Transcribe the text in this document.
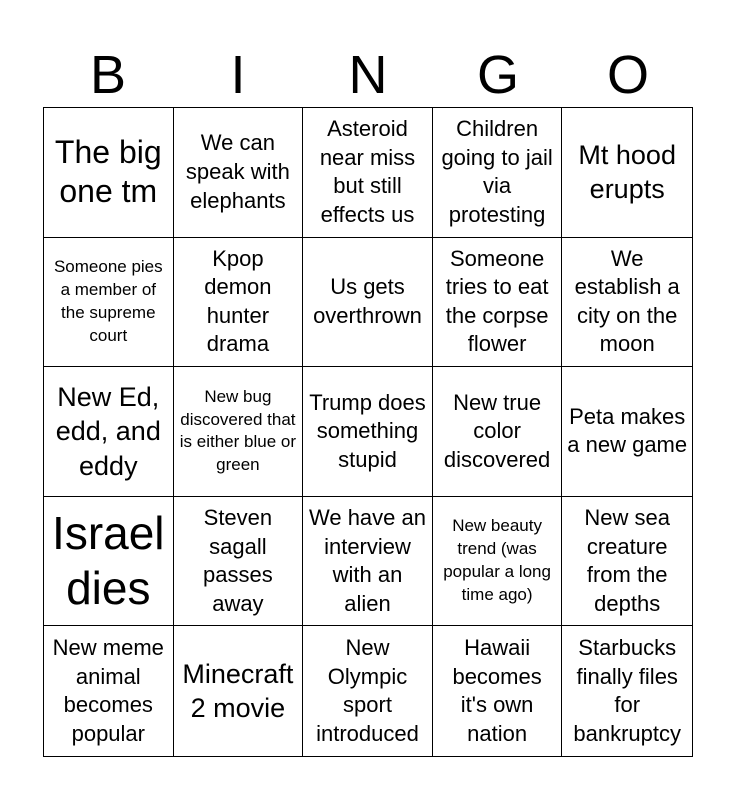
B	I	N	G	O
The big one tm
We can speak with elephants
Asteroid near miss but still effects us
Children going to jail via protesting
Mt hood erupts
Someone pies a member of the supreme court
Kpop demon hunter drama
Us gets overthrown
Someone tries to eat the corpse flower
We establish a city on the moon
New Ed, edd, and eddy
New bug discovered that is either blue or green
Trump does something stupid
New true color discovered
Peta makes a new game
Israel dies
Steven sagall passes away
We have an interview with an alien
New beauty trend (was popular a long time ago)
New sea creature from the depths
New meme animal becomes popular
Minecraft 2 movie
New Olympic sport introduced
Hawaii becomes it's own nation
Starbucks finally files for bankruptcy
